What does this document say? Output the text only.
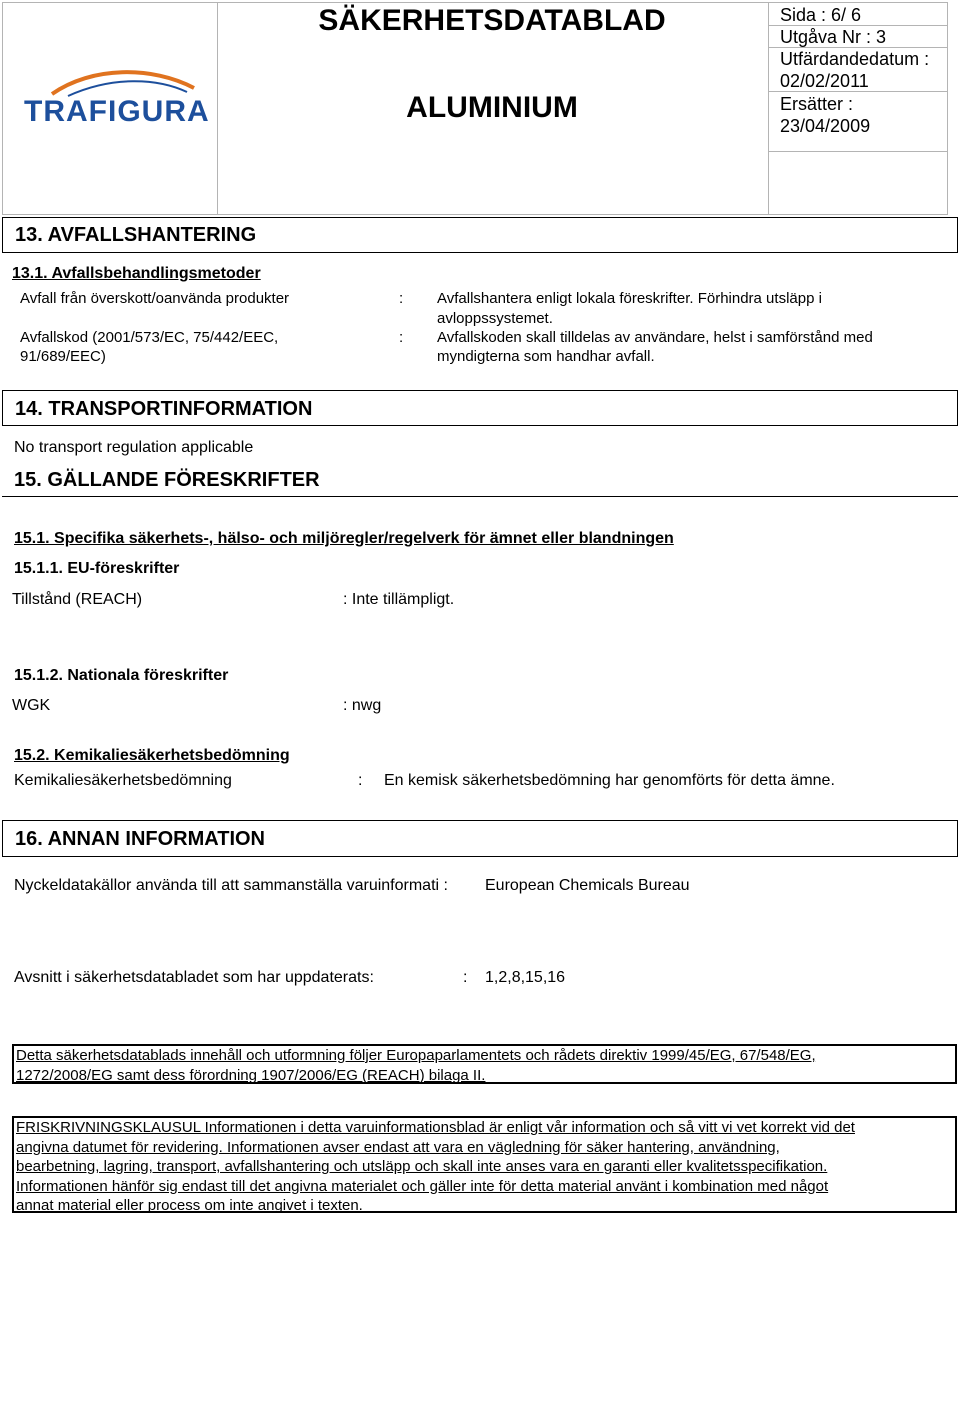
TRAFIGURA
SÄKERHETSDATABLAD
ALUMINIUM
Sida : 6/ 6
Utgåva Nr : 3
Utfärdandedatum :
02/02/2011
Ersätter :
23/04/2009
13. AVFALLSHANTERING
13.1. Avfallsbehandlingsmetoder
Avfall från överskott/oanvända produkter	: Avfallshantera enligt lokala föreskrifter. Förhindra utsläpp i
avloppssystemet.
Avfallskod (2001/573/EC, 75/442/EEC,
91/689/EEC)
: Avfallskoden skall tilldelas av användare, helst i samförstånd med
myndigterna som handhar avfall.
14. TRANSPORTINFORMATION
No transport regulation applicable
15. GÄLLANDE FÖRESKRIFTER
15.1. Specifika säkerhets-, hälso- och miljöregler/regelverk för ämnet eller blandningen
15.1.1. EU-föreskrifter
Tillstånd (REACH)	: Inte tillämpligt.
15.1.2. Nationala föreskrifter
WGK	: nwg
15.2. Kemikaliesäkerhetsbedömning
Kemikaliesäkerhetsbedömning	: En kemisk säkerhetsbedömning har genomförts för detta ämne.
16. ANNAN INFORMATION
Nyckeldatakällor använda till att sammanställa varuinformati : European Chemicals Bureau
Avsnitt i säkerhetsdatabladet som har uppdaterats:	: 1,2,8,15,16
Detta säkerhetsdatablads innehåll och utformning följer Europaparlamentets och rådets direktiv 1999/45/EG, 67/548/EG,
1272/2008/EG samt dess förordning 1907/2006/EG (REACH) bilaga II.
FRISKRIVNINGSKLAUSUL Informationen i detta varuinformationsblad är enligt vår information och så vitt vi vet korrekt vid det
angivna datumet för revidering. Informationen avser endast att vara en vägledning för säker hantering, användning,
bearbetning, lagring, transport, avfallshantering och utsläpp och skall inte anses vara en garanti eller kvalitetsspecifikation.
Informationen hänför sig endast till det angivna materialet och gäller inte för detta material använt i kombination med något
annat material eller process om inte angivet i texten.
